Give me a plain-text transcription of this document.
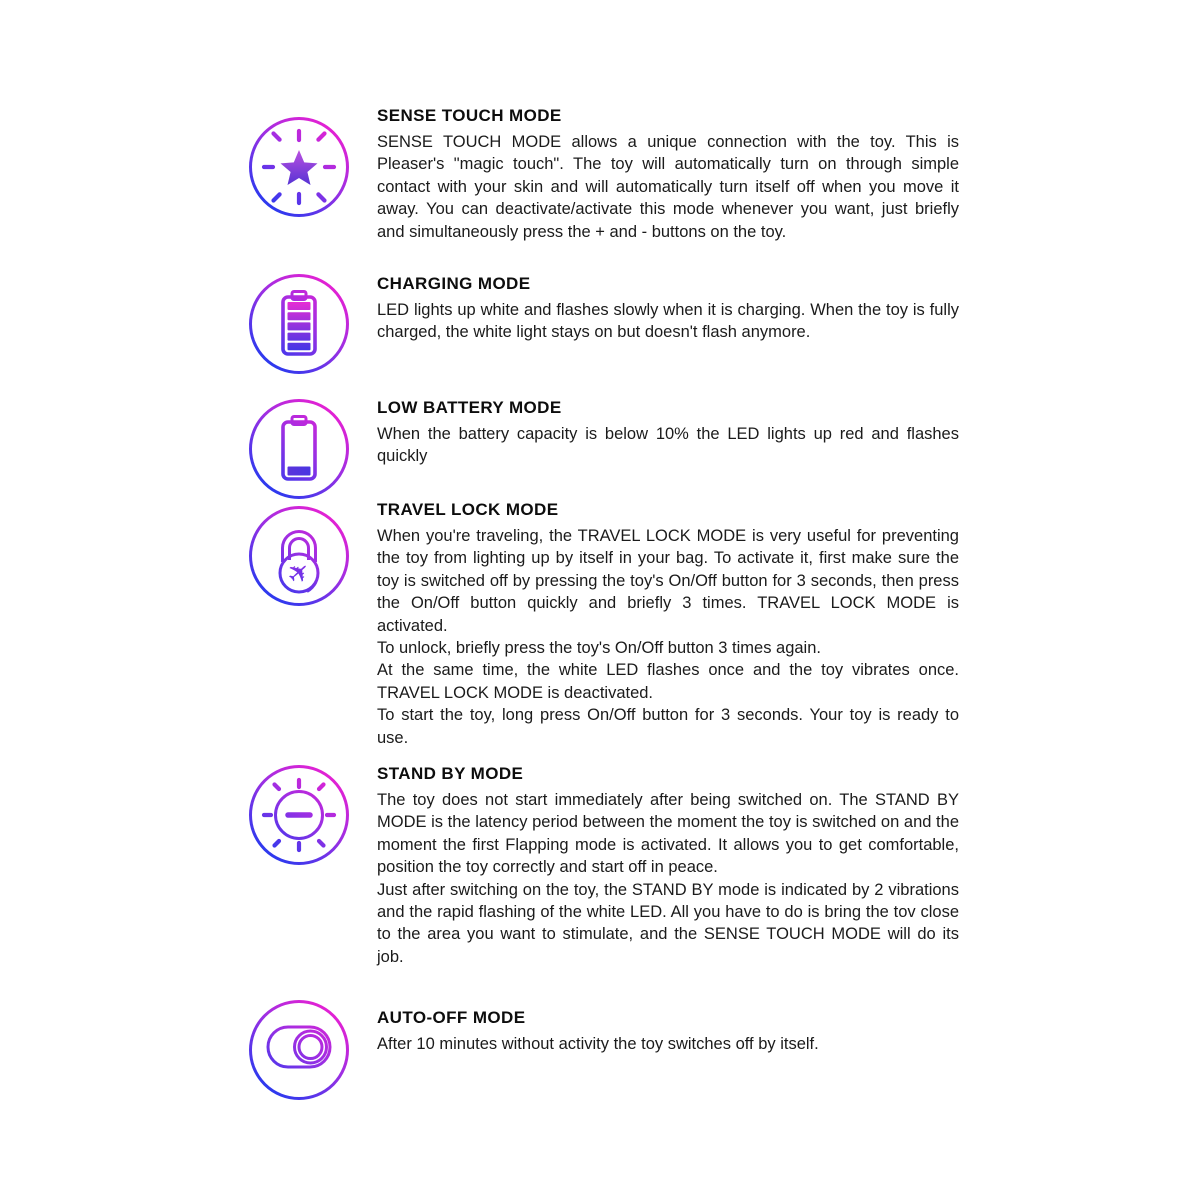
SENSE TOUCH MODE

SENSE TOUCH MODE allows a unique connection with the toy. This is Pleaser's "magic touch". The toy will automatically turn on through simple contact with your skin and will automatically turn itself off when you move it away. You can deactivate/activate this mode whenever you want, just briefly and simultaneously press the + and - buttons on the toy.

CHARGING MODE

LED lights up white and flashes slowly when it is charging. When the toy is fully charged, the white light stays on but doesn't flash anymore.

LOW BATTERY MODE

When the battery capacity is below 10% the LED lights up red and flashes quickly

✈
TRAVEL LOCK MODE

When you're traveling, the TRAVEL LOCK MODE is very useful for preventing the toy from lighting up by itself in your bag. To activate it, first make sure the toy is switched off by pressing the toy's On/Off button for 3 seconds, then press the On/Off button quickly and briefly 3 times. TRAVEL LOCK MODE is activated.

To unlock, briefly press the toy's On/Off button 3 times again.

At the same time, the white LED flashes once and the toy vibrates once. TRAVEL LOCK MODE is deactivated.

To start the toy, long press On/Off button for 3 seconds. Your toy is ready to use.

STAND BY MODE

The toy does not start immediately after being switched on. The STAND BY MODE is the latency period between the moment the toy is switched on and the moment the first Flapping mode is activated. It allows you to get comfortable, position the toy correctly and start off in peace.

Just after switching on the toy, the STAND BY mode is indicated by 2 vibrations and the rapid flashing of the white LED. All you have to do is bring the tov close to the area you want to stimulate, and the SENSE TOUCH MODE will do its job.

AUTO-OFF MODE

After 10 minutes without activity the toy switches off by itself.
